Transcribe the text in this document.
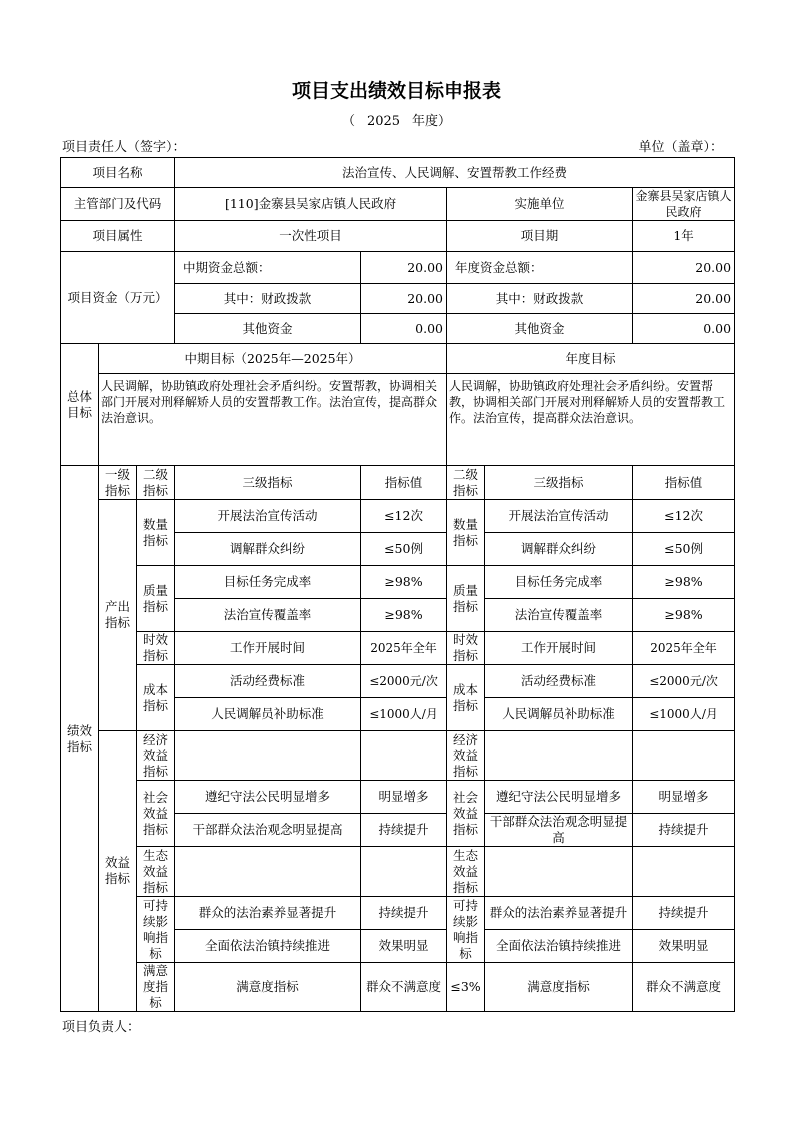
项目支出绩效目标申报表
（ 2025 年度）
项目责任人（签字）：	单位（盖章）：
项目名称			法治宣传、人民调解、安置帮教工作经费					
主管部门及代码			[110]金寨县吴家店镇人民政府		实施单位		金寨县吴家店镇人民政府	
项目属性			一次性项目		项目期		1年	
项目资金（万元）			中期资金总额：	20.00	年度资金总额：		20.00	
			其中：财政拨款	20.00	其中：财政拨款		20.00	
			其他资金	0.00	其他资金		0.00	
总体目标	中期目标（2025年—2025年）				年度目标			
	人民调解，协助镇政府处理社会矛盾纠纷。安置帮教，协调相关部门开展对刑释解矫人员的安置帮教工作。法治宣传，提高群众法治意识。				人民调解，协助镇政府处理社会矛盾纠纷。安置帮教，协调相关部门开展对刑释解矫人员的安置帮教工作。法治宣传，提高群众法治意识。			
绩效指标	一级指标	二级指标	三级指标	指标值	二级指标	三级指标	指标值	
	产出指标	数量指标	开展法治宣传活动	≤12次	数量指标	开展法治宣传活动	≤12次	
			调解群众纠纷	≤50例		调解群众纠纷	≤50例	
		质量指标	目标任务完成率	≥98%	质量指标	目标任务完成率	≥98%	
			法治宣传覆盖率	≥98%		法治宣传覆盖率	≥98%	
		时效指标	工作开展时间	2025年全年	时效指标	工作开展时间	2025年全年	
		成本指标	活动经费标准	≤2000元/次	成本指标	活动经费标准	≤2000元/次	
			人民调解员补助标准	≤1000人/月		人民调解员补助标准	≤1000人/月	
	效益指标	经济效益指标			经济效益指标			
		社会效益指标	遵纪守法公民明显增多	明显增多	社会效益指标	遵纪守法公民明显增多	明显增多	
			干部群众法治观念明显提高	持续提升		干部群众法治观念明显提高	持续提升	
		生态效益指标			生态效益指标			
		可持续影响指标	群众的法治素养显著提升	持续提升	可持续影响指标	群众的法治素养显著提升	持续提升	
			全面依法治镇持续推进	效果明显		全面依法治镇持续推进	效果明显	
		满意度指标	满意度指标	群众不满意度	≤3%	满意度指标	群众不满意度	
项目负责人：
